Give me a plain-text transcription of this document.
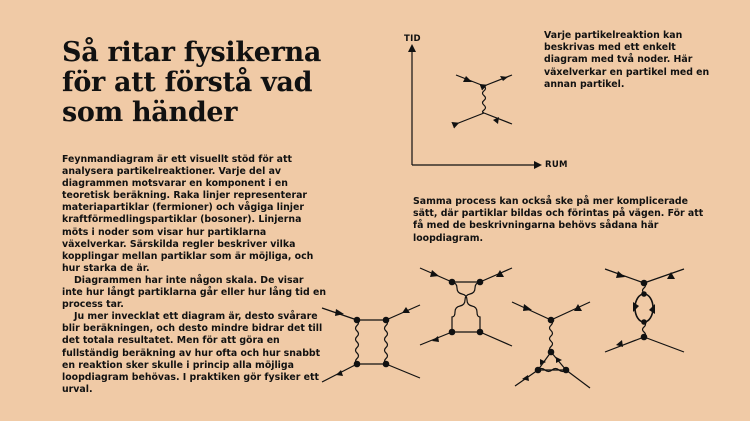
Så ritar fysikerna
för att förstå vad
som händer

Feynmandiagram är ett visuellt stöd för att analysera partikelreaktioner. Varje del av diagrammen motsvarar en komponent i en teoretisk beräkning. Raka linjer representerar materiapartiklar (fermioner) och vågiga linjer kraftförmedlingspartiklar (bosoner). Linjerna möts i noder som visar hur partiklarna växelverkar. Särskilda regler beskriver vilka kopplingar mellan partiklar som är möjliga, och hur starka de är.

Diagrammen har inte någon skala. De visar inte hur långt partiklarna går eller hur lång tid en process tar.

Ju mer invecklat ett diagram är, desto svårare blir beräkningen, och desto mindre bidrar det till det totala resultatet. Men för att göra en fullständig beräkning av hur ofta och hur snabbt en reaktion sker skulle i princip alla möjliga loopdiagram behövas. I praktiken gör fysiker ett urval.

TID
RUM
Varje partikelreaktion kan beskrivas med ett enkelt diagram med två noder. Här växelverkar en partikel med en annan partikel.
Samma process kan också ske på mer komplicerade sätt, där partiklar bildas och förintas på vägen. För att få med de beskrivningarna behövs sådana här loopdiagram.
